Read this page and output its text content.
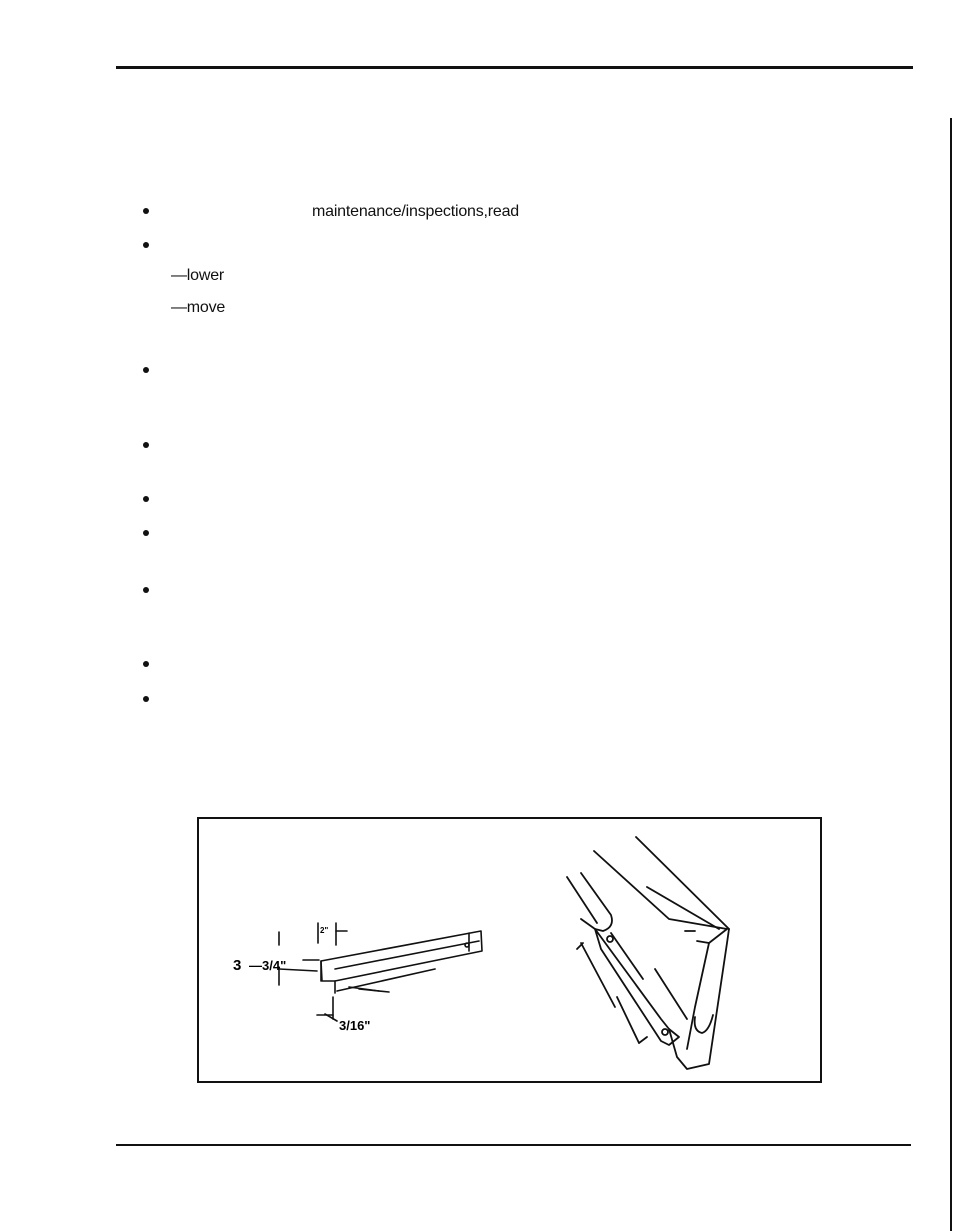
maintenance/inspections,read
—lower
—move
2"
3 —3/4"
3/16"
